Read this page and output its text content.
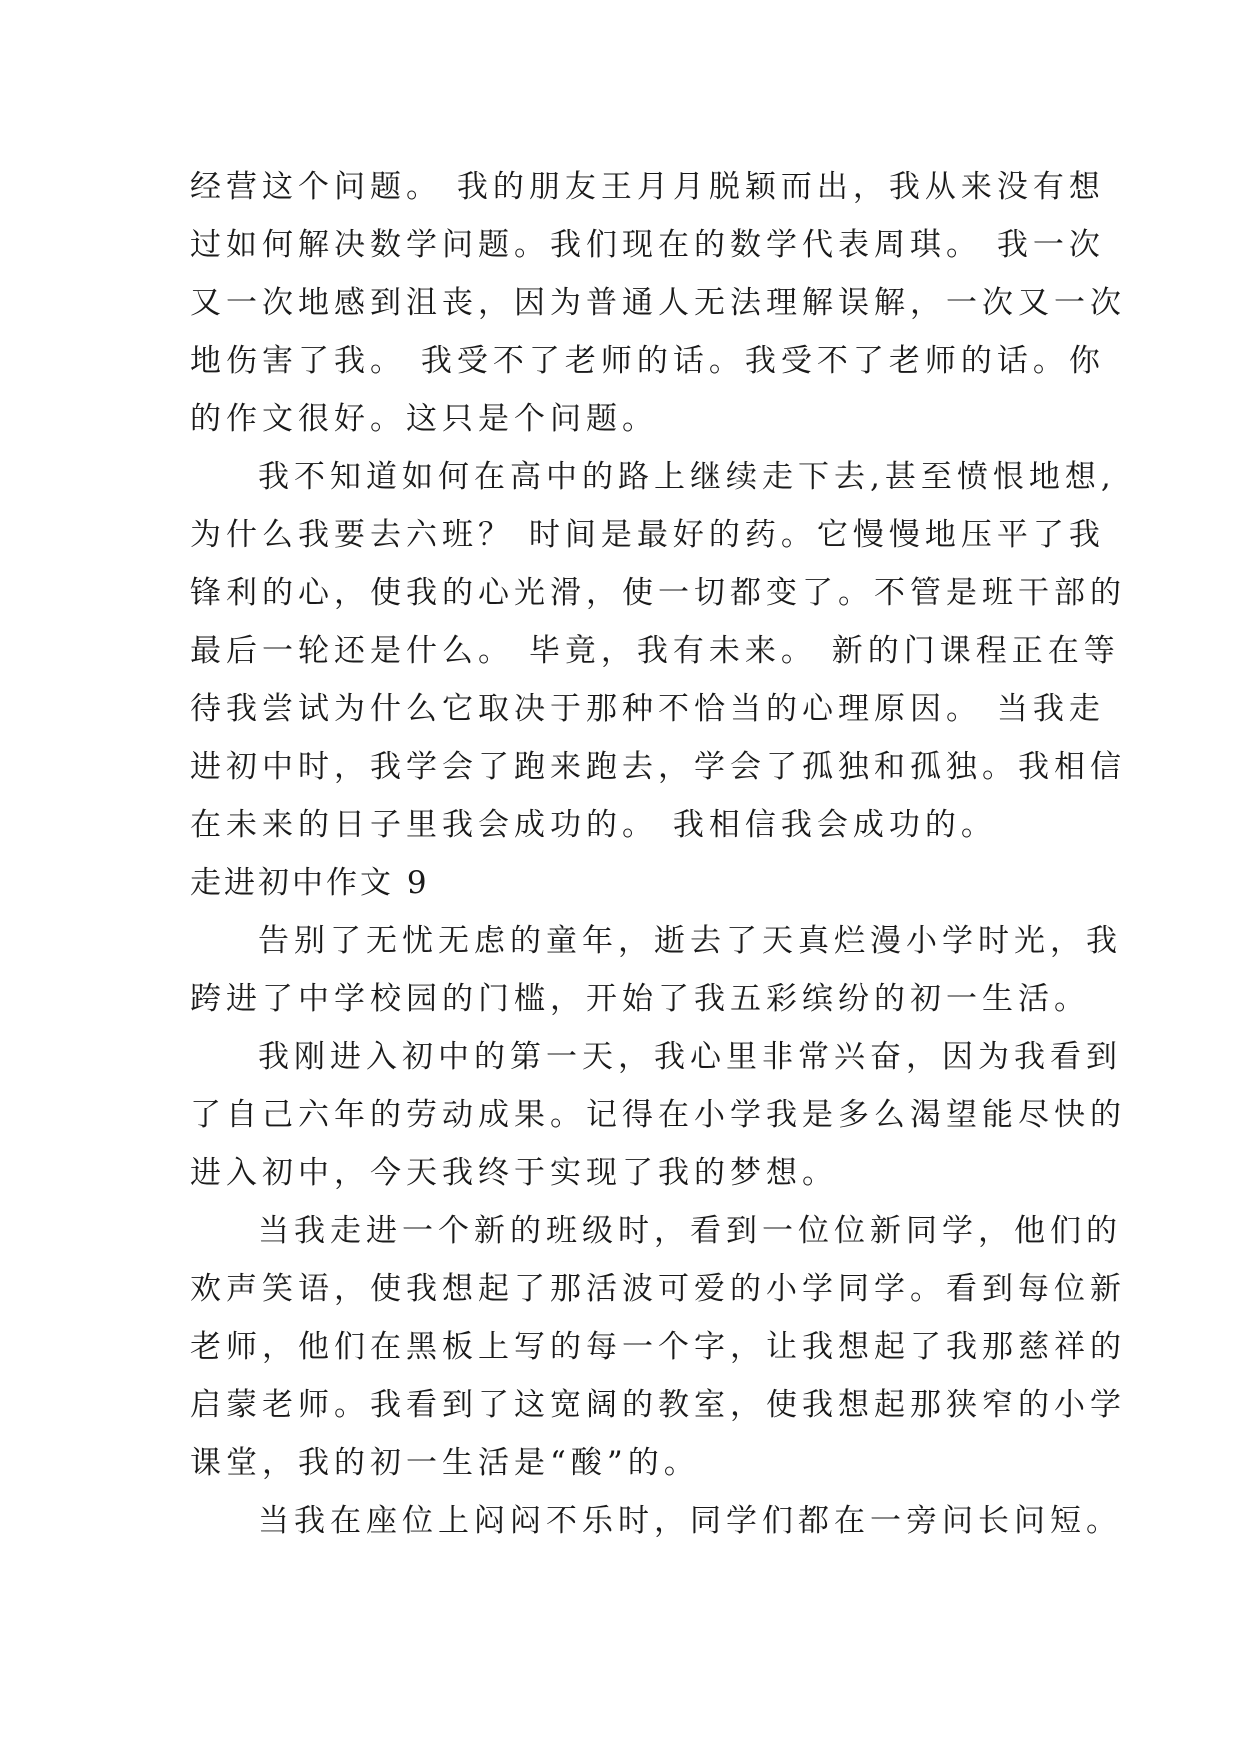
经营这个问题。 我的朋友王月月脱颖而出，我从来没有想
过如何解决数学问题。我们现在的数学代表周琪。 我一次
又一次地感到沮丧，因为普通人无法理解误解，一次又一次
地伤害了我。 我受不了老师的话。我受不了老师的话。你
的作文很好。这只是个问题。
我不知道如何在高中的路上继续走下去,甚至愤恨地想,
为什么我要去六班？ 时间是最好的药。它慢慢地压平了我
锋利的心，使我的心光滑，使一切都变了。不管是班干部的
最后一轮还是什么。 毕竟，我有未来。 新的门课程正在等
待我尝试为什么它取决于那种不恰当的心理原因。 当我走
进初中时，我学会了跑来跑去，学会了孤独和孤独。我相信
在未来的日子里我会成功的。 我相信我会成功的。
走进初中作文 9
告别了无忧无虑的童年，逝去了天真烂漫小学时光，我
跨进了中学校园的门槛，开始了我五彩缤纷的初一生活。
我刚进入初中的第一天，我心里非常兴奋，因为我看到
了自己六年的劳动成果。记得在小学我是多么渴望能尽快的
进入初中，今天我终于实现了我的梦想。
当我走进一个新的班级时，看到一位位新同学，他们的
欢声笑语，使我想起了那活波可爱的小学同学。看到每位新
老师，他们在黑板上写的每一个字，让我想起了我那慈祥的
启蒙老师。我看到了这宽阔的教室，使我想起那狭窄的小学
课堂，我的初一生活是“酸”的。
当我在座位上闷闷不乐时，同学们都在一旁问长问短。
